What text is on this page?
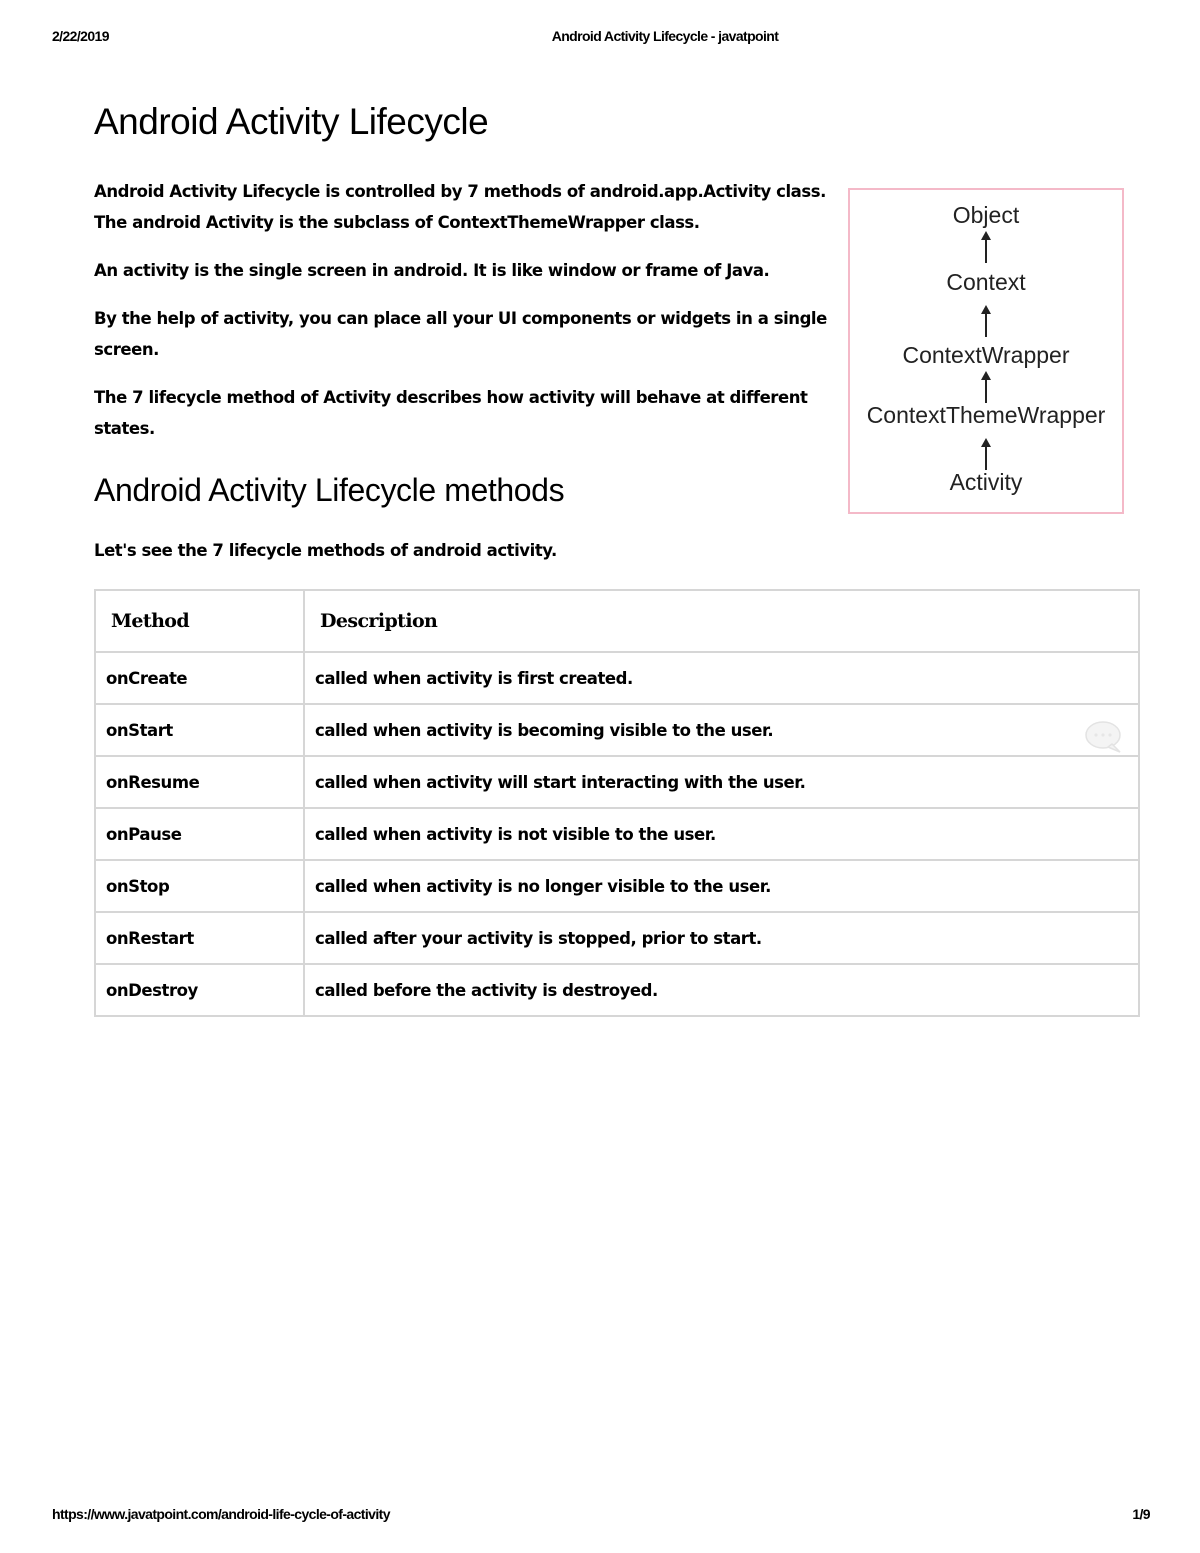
2/22/2019	Android Activity Lifecycle - javatpoint
Android Activity Lifecycle

Android Activity Lifecycle is controlled by 7 methods of android.app.Activity class. The android Activity is the subclass of ContextThemeWrapper class.

An activity is the single screen in android. It is like window or frame of Java.

By the help of activity, you can place all your UI components or widgets in a single screen.

The 7 lifecycle method of Activity describes how activity will behave at different states.

Object
Context
ContextWrapper
ContextThemeWrapper
Activity
Android Activity Lifecycle methods

Let's see the 7 lifecycle methods of android activity.

Method	Description
onCreate	called when activity is first created.
onStart	called when activity is becoming visible to the user.

onResume	called when activity will start interacting with the user.
onPause	called when activity is not visible to the user.
onStop	called when activity is no longer visible to the user.
onRestart	called after your activity is stopped, prior to start.
onDestroy	called before the activity is destroyed.
https://www.javatpoint.com/android-life-cycle-of-activity	1/9
